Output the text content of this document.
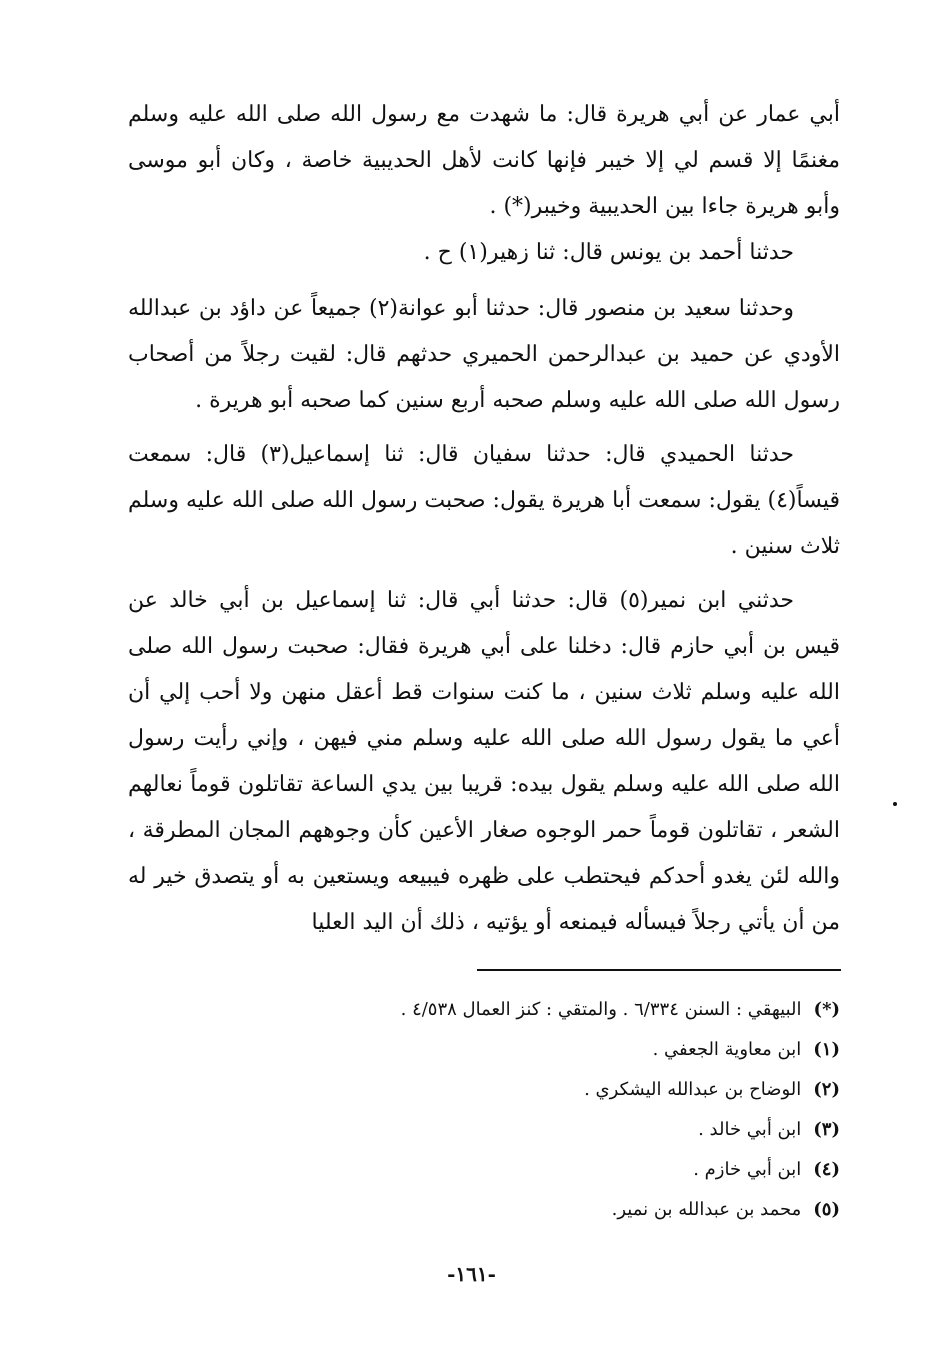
أبي عمار عن أبي هريرة قال: ما شهدت مع رسول الله صلى الله عليه وسلم مغنمًا إلا قسم لي إلا خيبر فإنها كانت لأهل الحديبية خاصة ، وكان أبو موسى وأبو هريرة جاءا بين الحديبية وخيبر(*) .

حدثنا أحمد بن يونس قال: ثنا زهير(١) ح .

وحدثنا سعيد بن منصور قال: حدثنا أبو عوانة(٢) جميعاً عن داؤد بن عبدالله الأودي عن حميد بن عبدالرحمن الحميري حدثهم قال: لقيت رجلاً من أصحاب رسول الله صلى الله عليه وسلم صحبه أربع سنين كما صحبه أبو هريرة .

حدثنا الحميدي قال: حدثنا سفيان قال: ثنا إسماعيل(٣) قال: سمعت قيساً(٤) يقول: سمعت أبا هريرة يقول: صحبت رسول الله صلى الله عليه وسلم ثلاث سنين .

حدثني ابن نمير(٥) قال: حدثنا أبي قال: ثنا إسماعيل بن أبي خالد عن قيس بن أبي حازم قال: دخلنا على أبي هريرة فقال: صحبت رسول الله صلى الله عليه وسلم ثلاث سنين ، ما كنت سنوات قط أعقل منهن ولا أحب إلي أن أعي ما يقول رسول الله صلى الله عليه وسلم مني فيهن ، وإني رأيت رسول الله صلى الله عليه وسلم يقول بيده: قريبا بين يدي الساعة تقاتلون قوماً نعالهم الشعر ، تقاتلون قوماً حمر الوجوه صغار الأعين كأن وجوههم المجان المطرقة ، والله لئن يغدو أحدكم فيحتطب على ظهره فيبيعه ويستعين به أو يتصدق خير له من أن يأتي رجلاً فيسأله فيمنعه أو يؤتيه ، ذلك أن اليد العليا

(*)البيهقي : السنن ٦/٣٣٤ . والمتقي : كنز العمال ٤/٥٣٨ .
(١)ابن معاوية الجعفي .
(٢)الوضاح بن عبدالله اليشكري .
(٣)ابن أبي خالد .
(٤)ابن أبي خازم .
(٥)محمد بن عبدالله بن نمير.
-١٦١-
